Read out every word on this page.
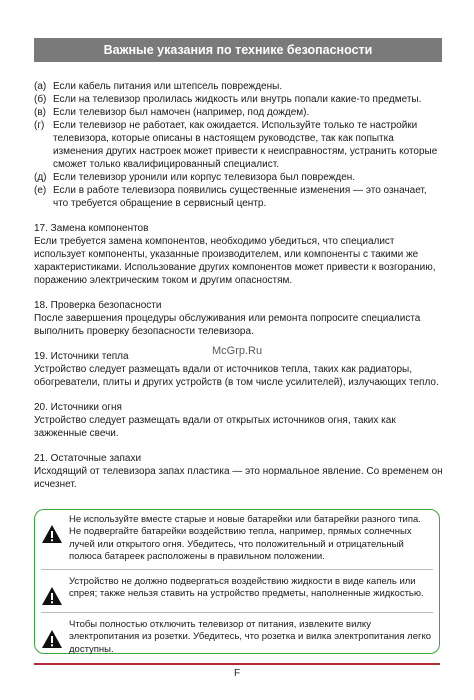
Важные указания по технике безопасности
(а) Если кабель питания или штепсель повреждены.
(б) Если на телевизор пролилась жидкость или внутрь попали какие-то предметы.
(в) Если телевизор был намочен (например, под дождем).
(г) Если телевизор не работает, как ожидается. Используйте только те настройки телевизора, которые описаны в настоящем руководстве, так как попытка изменения других настроек может привести к неисправностям, устранить которые сможет только квалифицированный специалист.
(д) Если телевизор уронили или корпус телевизора был поврежден.
(е) Если в работе телевизора появились существенные изменения — это означает, что требуется обращение в сервисный центр.
17. Замена компонентов
Если требуется замена компонентов, необходимо убедиться, что специалист использует компоненты, указанные производителем, или компоненты с такими же характеристиками. Использование других компонентов может привести к возгоранию, поражению электрическим током и другим опасностям.
18. Проверка безопасности
После завершения процедуры обслуживания или ремонта попросите специалиста выполнить проверку безопасности телевизора.
19. Источники тепла
Устройство следует размещать вдали от источников тепла, таких как радиаторы, обогреватели, плиты и других устройств (в том числе усилителей), излучающих тепло.
20. Источники огня
Устройство следует размещать вдали от открытых источников огня, таких как зажженные свечи.
21. Остаточные запахи
Исходящий от телевизора запах пластика — это нормальное явление. Со временем он исчезнет.
McGrp.Ru
Не используйте вместе старые и новые батарейки или батарейки разного типа. Не подвергайте батарейки воздействию тепла, например, прямых солнечных лучей или открытого огня. Убедитесь, что положительный и отрицательный полюса батареек расположены в правильном положении.
Устройство не должно подвергаться воздействию жидкости в виде капель или спрея; также нельзя ставить на устройство предметы, наполненные жидкостью.
Чтобы полностью отключить телевизор от питания, извлеките вилку электропитания из розетки. Убедитесь, что розетка и вилка электропитания легко доступны.
F
